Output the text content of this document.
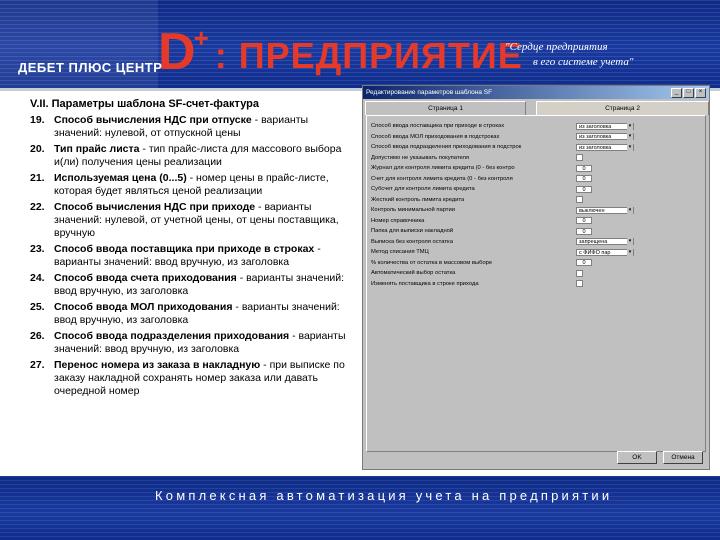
ДЕБЕТ ПЛЮС ЦЕНТР
D
+ : ПРЕДПРИЯТИЕ
"Сердце предприятия
в его системе учета"
V.II. Параметры шаблона SF-счет-фактура
19. Способ вычисления НДС при отпуске - варианты значений: нулевой, от отпускной цены
20. Тип прайс листа - тип прайс-листа для массового выбора и(ли) получения цены реализации
21. Используемая цена (0...5) - номер цены в прайс-листе, которая будет являться ценой реализации
22. Способ вычисления НДС при приходе - варианты значений: нулевой, от учетной цены, от цены поставщика, вручную
23. Способ ввода поставщика при приходе в строках - варианты значений: ввод вручную, из заголовка
24. Способ ввода счета приходования - варианты значений: ввод вручную, из заголовка
25. Способ ввода МОЛ приходования - варианты значений: ввод вручную, из заголовка
26. Способ ввода подразделения приходования - варианты значений: ввод вручную, из заголовка
27. Перенос номера из заказа в накладную - при выписке по заказу накладной сохранять номер заказа или давать очередной номер
Редактирование параметров шаблона SF	_	□	×
Страница 1	Страница 2
Способ ввода поставщика при приходе в строках	из заголовка ▾
Способ ввода МОЛ приходования в подстроках	из заголовка ▾
Способ ввода подразделения приходования в подстрок	из заголовка ▾
Допустимо не указывать покупателя
Журнал для контроля лимита кредита (0 - без контро	0
Счет для контроля лимита кредита (0 - без контроля	0
Субсчет для контроля лимита кредита	0
Жесткий контроль лимита кредита
Контроль минимальной партии	выключен ▾
Номер справочника	0
Папка для выписки накладной	0
Выписка без контроля остатка	запрещена ▾
Метод списания ТМЦ	с ФИФО пар ▾
% количества от остатка в массовом выборе	0
Автоматический выбор остатка
Изменять поставщика в строке прихода
OK	Отмена
Комплексная автоматизация учета на предприятии
